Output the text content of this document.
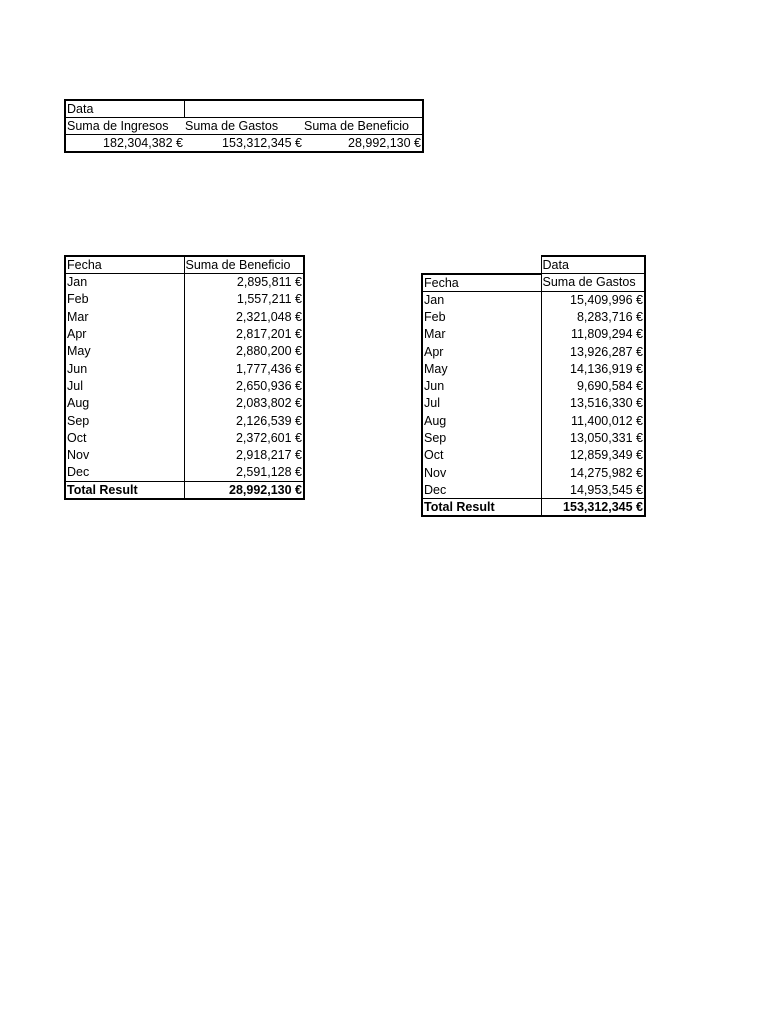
Data		
Suma de Ingresos	Suma de Gastos	Suma de Beneficio
182,304,382 €	153,312,345 €	28,992,130 €
Fecha	Suma de Beneficio
Jan	2,895,811 €
Feb	1,557,211 €
Mar	2,321,048 €
Apr	2,817,201 €
May	2,880,200 €
Jun	1,777,436 €
Jul	2,650,936 €
Aug	2,083,802 €
Sep	2,126,539 €
Oct	2,372,601 €
Nov	2,918,217 €
Dec	2,591,128 €
Total Result	28,992,130 €
	Data
Fecha	Suma de Gastos
Jan	15,409,996 €
Feb	8,283,716 €
Mar	11,809,294 €
Apr	13,926,287 €
May	14,136,919 €
Jun	9,690,584 €
Jul	13,516,330 €
Aug	11,400,012 €
Sep	13,050,331 €
Oct	12,859,349 €
Nov	14,275,982 €
Dec	14,953,545 €
Total Result	153,312,345 €
